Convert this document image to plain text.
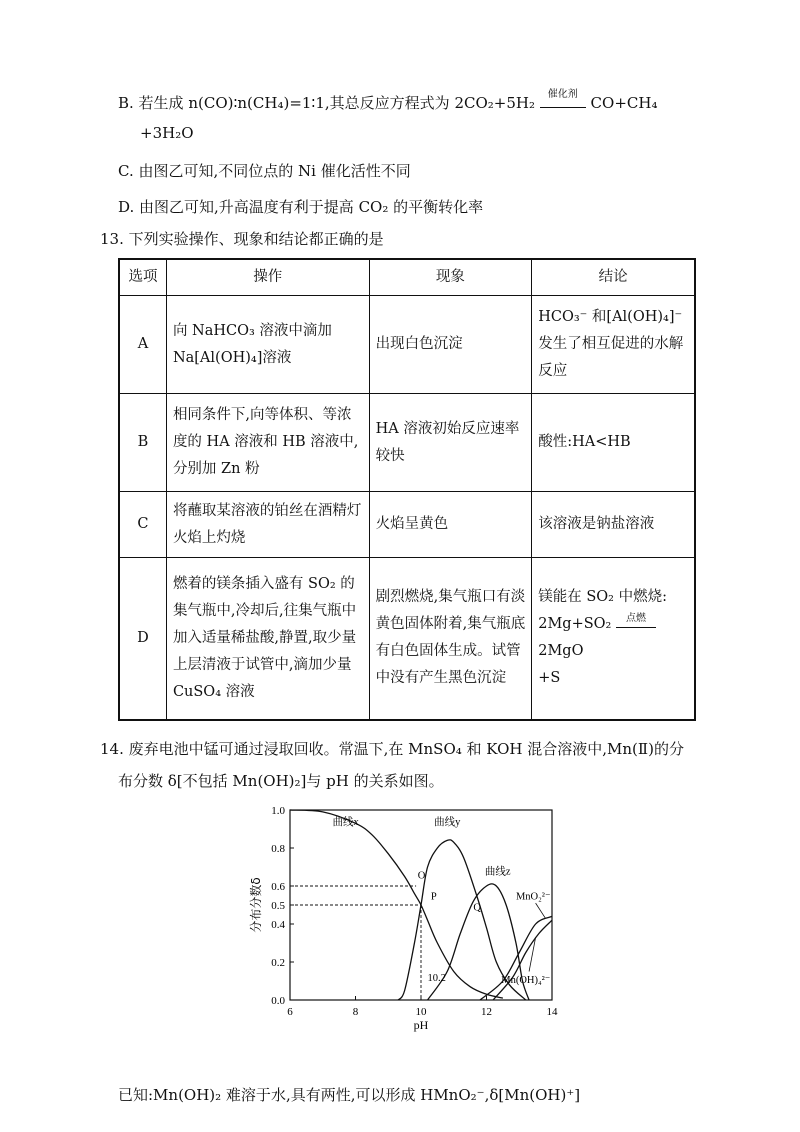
B. 若生成 n(CO)∶n(CH₄)=1∶1,其总反应方程式为 2CO₂+5H₂	催化剂 CO+CH₄
+3H₂O
C. 由图乙可知,不同位点的 Ni 催化活性不同
D. 由图乙可知,升高温度有利于提高 CO₂ 的平衡转化率
13. 下列实验操作、现象和结论都正确的是
选项	操作	现象	结论
A	向 NaHCO₃ 溶液中滴加 Na[Al(OH)₄]溶液	出现白色沉淀	HCO₃⁻ 和[Al(OH)₄]⁻ 发生了相互促进的水解反应
B	相同条件下,向等体积、等浓度的 HA 溶液和 HB 溶液中,分别加 Zn 粉	HA 溶液初始反应速率较快	酸性:HA<HB
C	将蘸取某溶液的铂丝在酒精灯火焰上灼烧	火焰呈黄色	该溶液是钠盐溶液
D	燃着的镁条插入盛有 SO₂ 的集气瓶中,冷却后,往集气瓶中加入适量稀盐酸,静置,取少量上层清液于试管中,滴加少量 CuSO₄ 溶液	剧烈燃烧,集气瓶口有淡黄色固体附着,集气瓶底有白色固体生成。试管中没有产生黑色沉淀	镁能在 SO₂ 中燃烧:
2Mg+SO₂ 点燃
2MgO
+S
14. 废弃电池中锰可通过浸取回收。常温下,在 MnSO₄ 和 KOH 混合溶液中,Mn(Ⅱ)的分
布分数 δ[不包括 Mn(OH)₂]与 pH 的关系如图。
6	8	10	12	14
0.0
0.2
0.4
0.5
0.6
0.8
1.0
pH
分布分数δ
曲线x	曲线y
曲线z
MnO₂²⁻
Mn(OH)₄²⁻
O
P
Q
10.2
已知:Mn(OH)₂ 难溶于水,具有两性,可以形成 HMnO₂⁻,δ[Mn(OH)⁺]
